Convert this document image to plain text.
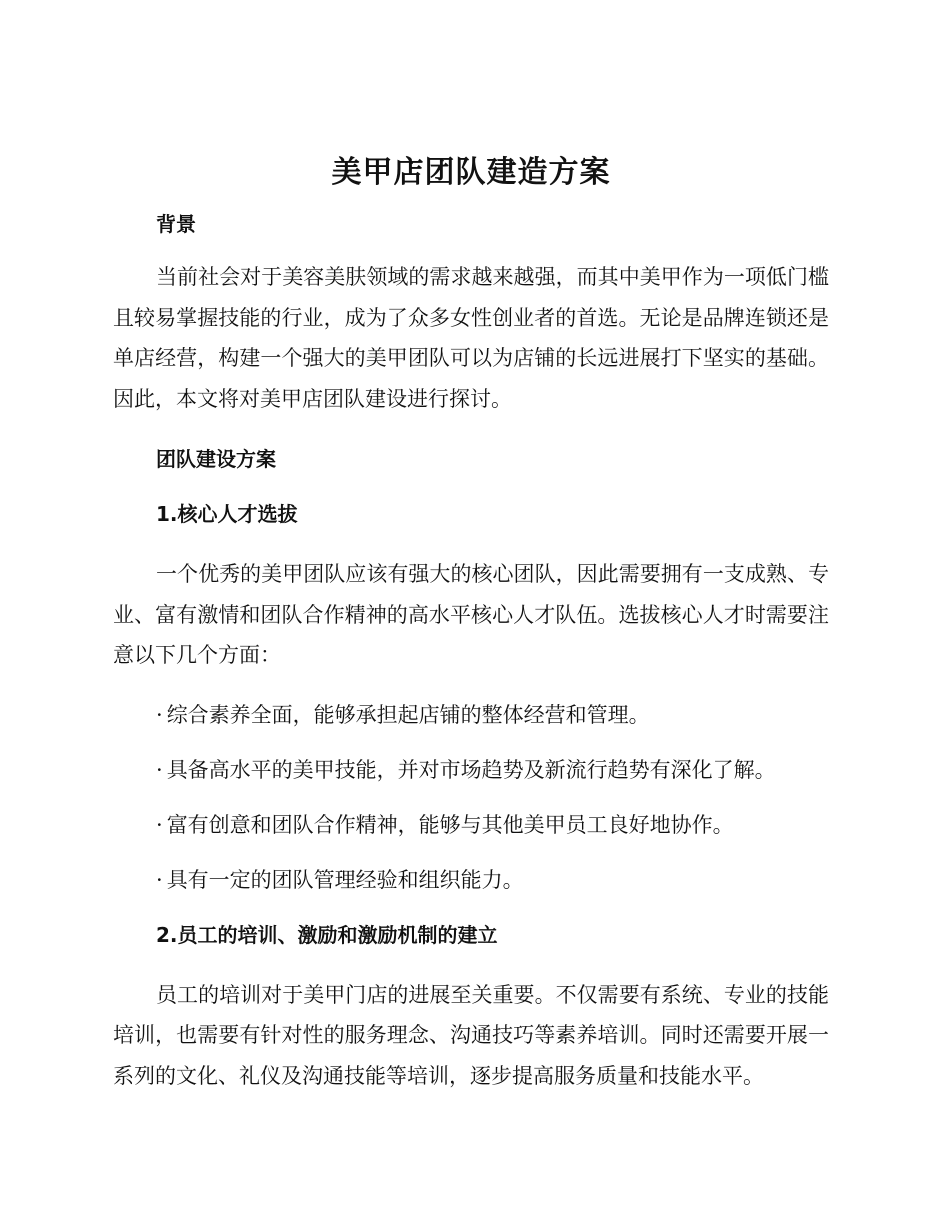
美甲店团队建造方案
背景

当前社会对于美容美肤领域的需求越来越强，而其中美甲作为一项低门槛且较易掌握技能的行业，成为了众多女性创业者的首选。无论是品牌连锁还是单店经营，构建一个强大的美甲团队可以为店铺的长远进展打下坚实的基础。因此，本文将对美甲店团队建设进行探讨。

团队建设方案
1.核心人才选拔

一个优秀的美甲团队应该有强大的核心团队，因此需要拥有一支成熟、专业、富有激情和团队合作精神的高水平核心人才队伍。选拔核心人才时需要注意以下几个方面：

· 综合素养全面，能够承担起店铺的整体经营和管理。
· 具备高水平的美甲技能，并对市场趋势及新流行趋势有深化了解。
· 富有创意和团队合作精神，能够与其他美甲员工良好地协作。
· 具有一定的团队管理经验和组织能力。
2.员工的培训、激励和激励机制的建立

员工的培训对于美甲门店的进展至关重要。不仅需要有系统、专业的技能培训，也需要有针对性的服务理念、沟通技巧等素养培训。同时还需要开展一系列的文化、礼仪及沟通技能等培训，逐步提高服务质量和技能水平。
